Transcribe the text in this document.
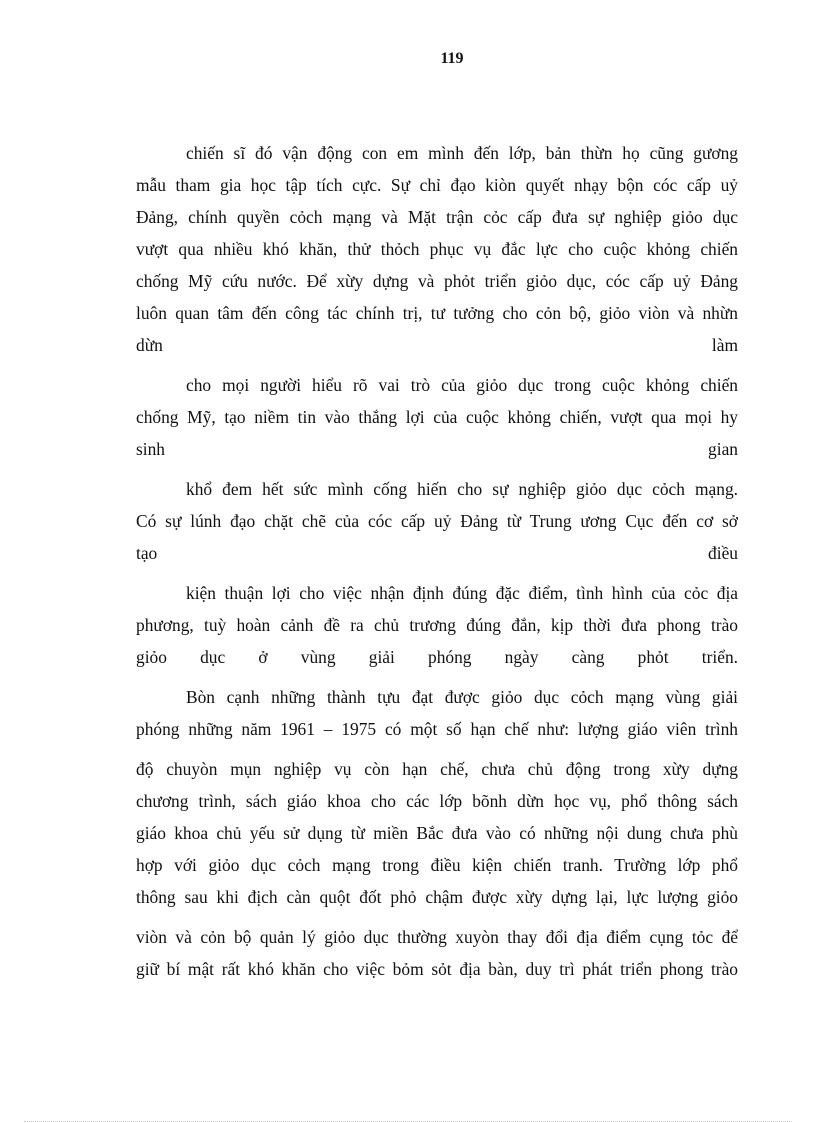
119
chiến sĩ đó vận động con em mình đến lớp, bản thừn họ cũng gương
mẫu tham gia học tập tích cực. Sự chỉ đạo kiòn quyết nhạy bộn cóc cấp uỷ
Đảng, chính quyền cỏch mạng và Mặt trận cỏc cấp đưa sự nghiệp giỏo dục
vượt qua nhiều khó khăn, thử thỏch phục vụ đắc lực cho cuộc khỏng chiến
chống Mỹ cứu nước. Để xừy dựng và phỏt triển giỏo dục, cóc cấp uỷ Đảng
luôn quan tâm đến công tác chính trị, tư tưởng cho cỏn bộ, giỏo viòn và nhừn
dừn làm
cho mọi người hiểu rõ vai trò của giỏo dục trong cuộc khỏng chiến
chống Mỹ, tạo niềm tin vào thắng lợi của cuộc khỏng chiến, vượt qua mọi hy
sinh gian
khổ đem hết sức mình cống hiến cho sự nghiệp giỏo dục cỏch mạng.
Có sự lúnh đạo chặt chẽ của cóc cấp uỷ Đảng từ Trung ương Cục đến cơ sở
tạo điều
kiện thuận lợi cho việc nhận định đúng đặc điểm, tình hình của cỏc địa
phương, tuỳ hoàn cảnh đề ra chủ trương đúng đắn, kịp thời đưa phong trào
giỏo dục ở vùng giải phóng ngày càng phỏt triển.
Bòn cạnh những thành tựu đạt được giỏo dục cỏch mạng vùng giải
phóng những năm 1961 – 1975 có một số hạn chế như: lượng giáo viên trình
độ chuyòn mụn nghiệp vụ còn hạn chế, chưa chủ động trong xừy dựng
chương trình, sách giáo khoa cho các lớp bõnh dừn học vụ, phổ thông sách
giáo khoa chủ yếu sử dụng từ miền Bắc đưa vào có những nội dung chưa phù
hợp với giỏo dục cỏch mạng trong điều kiện chiến tranh. Trường lớp phổ
thông sau khi địch càn quột đốt phỏ chậm được xừy dựng lại, lực lượng giỏo
viòn và cỏn bộ quản lý giỏo dục thường xuyòn thay đổi địa điểm cụng tỏc để
giữ bí mật rất khó khăn cho việc bỏm sỏt địa bàn, duy trì phát triển phong trào
